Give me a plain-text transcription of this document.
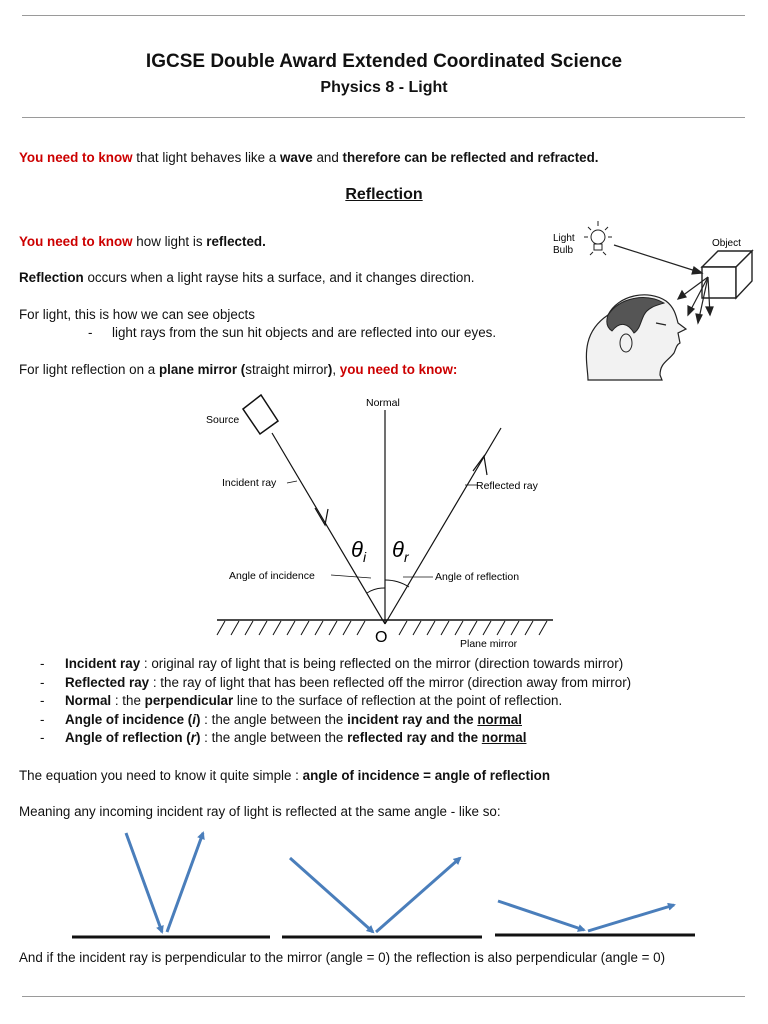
IGCSE Double Award Extended Coordinated Science
Physics 8 - Light
You need to know that light behaves like a wave and therefore can be reflected and refracted.
Reflection
You need to know how light is reflected.
Reflection occurs when a light rayse hits a surface, and it changes direction.
For light, this is how we can see objects
- light rays from the sun hit objects and are reflected into our eyes.
For light reflection on a plane mirror (straight mirror), you need to know:
Light
Bulb
Object
Source
Normal
Incident ray	Reflected ray
$\theta_i$ $\theta_r$
Angle of incidence	Angle of reflection
O	Plane mirror
- Incident ray : original ray of light that is being reflected on the mirror (direction towards mirror)
- Reflected ray : the ray of light that has been reflected off the mirror (direction away from mirror)
- Normal : the perpendicular line to the surface of reflection at the point of reflection.
- Angle of incidence (i) : the angle between the incident ray and the normal
- Angle of reflection (r) : the angle between the reflected ray and the normal
The equation you need to know it quite simple : angle of incidence = angle of reflection
Meaning any incoming incident ray of light is reflected at the same angle - like so:
And if the incident ray is perpendicular to the mirror (angle = 0) the reflection is also perpendicular (angle = 0)
